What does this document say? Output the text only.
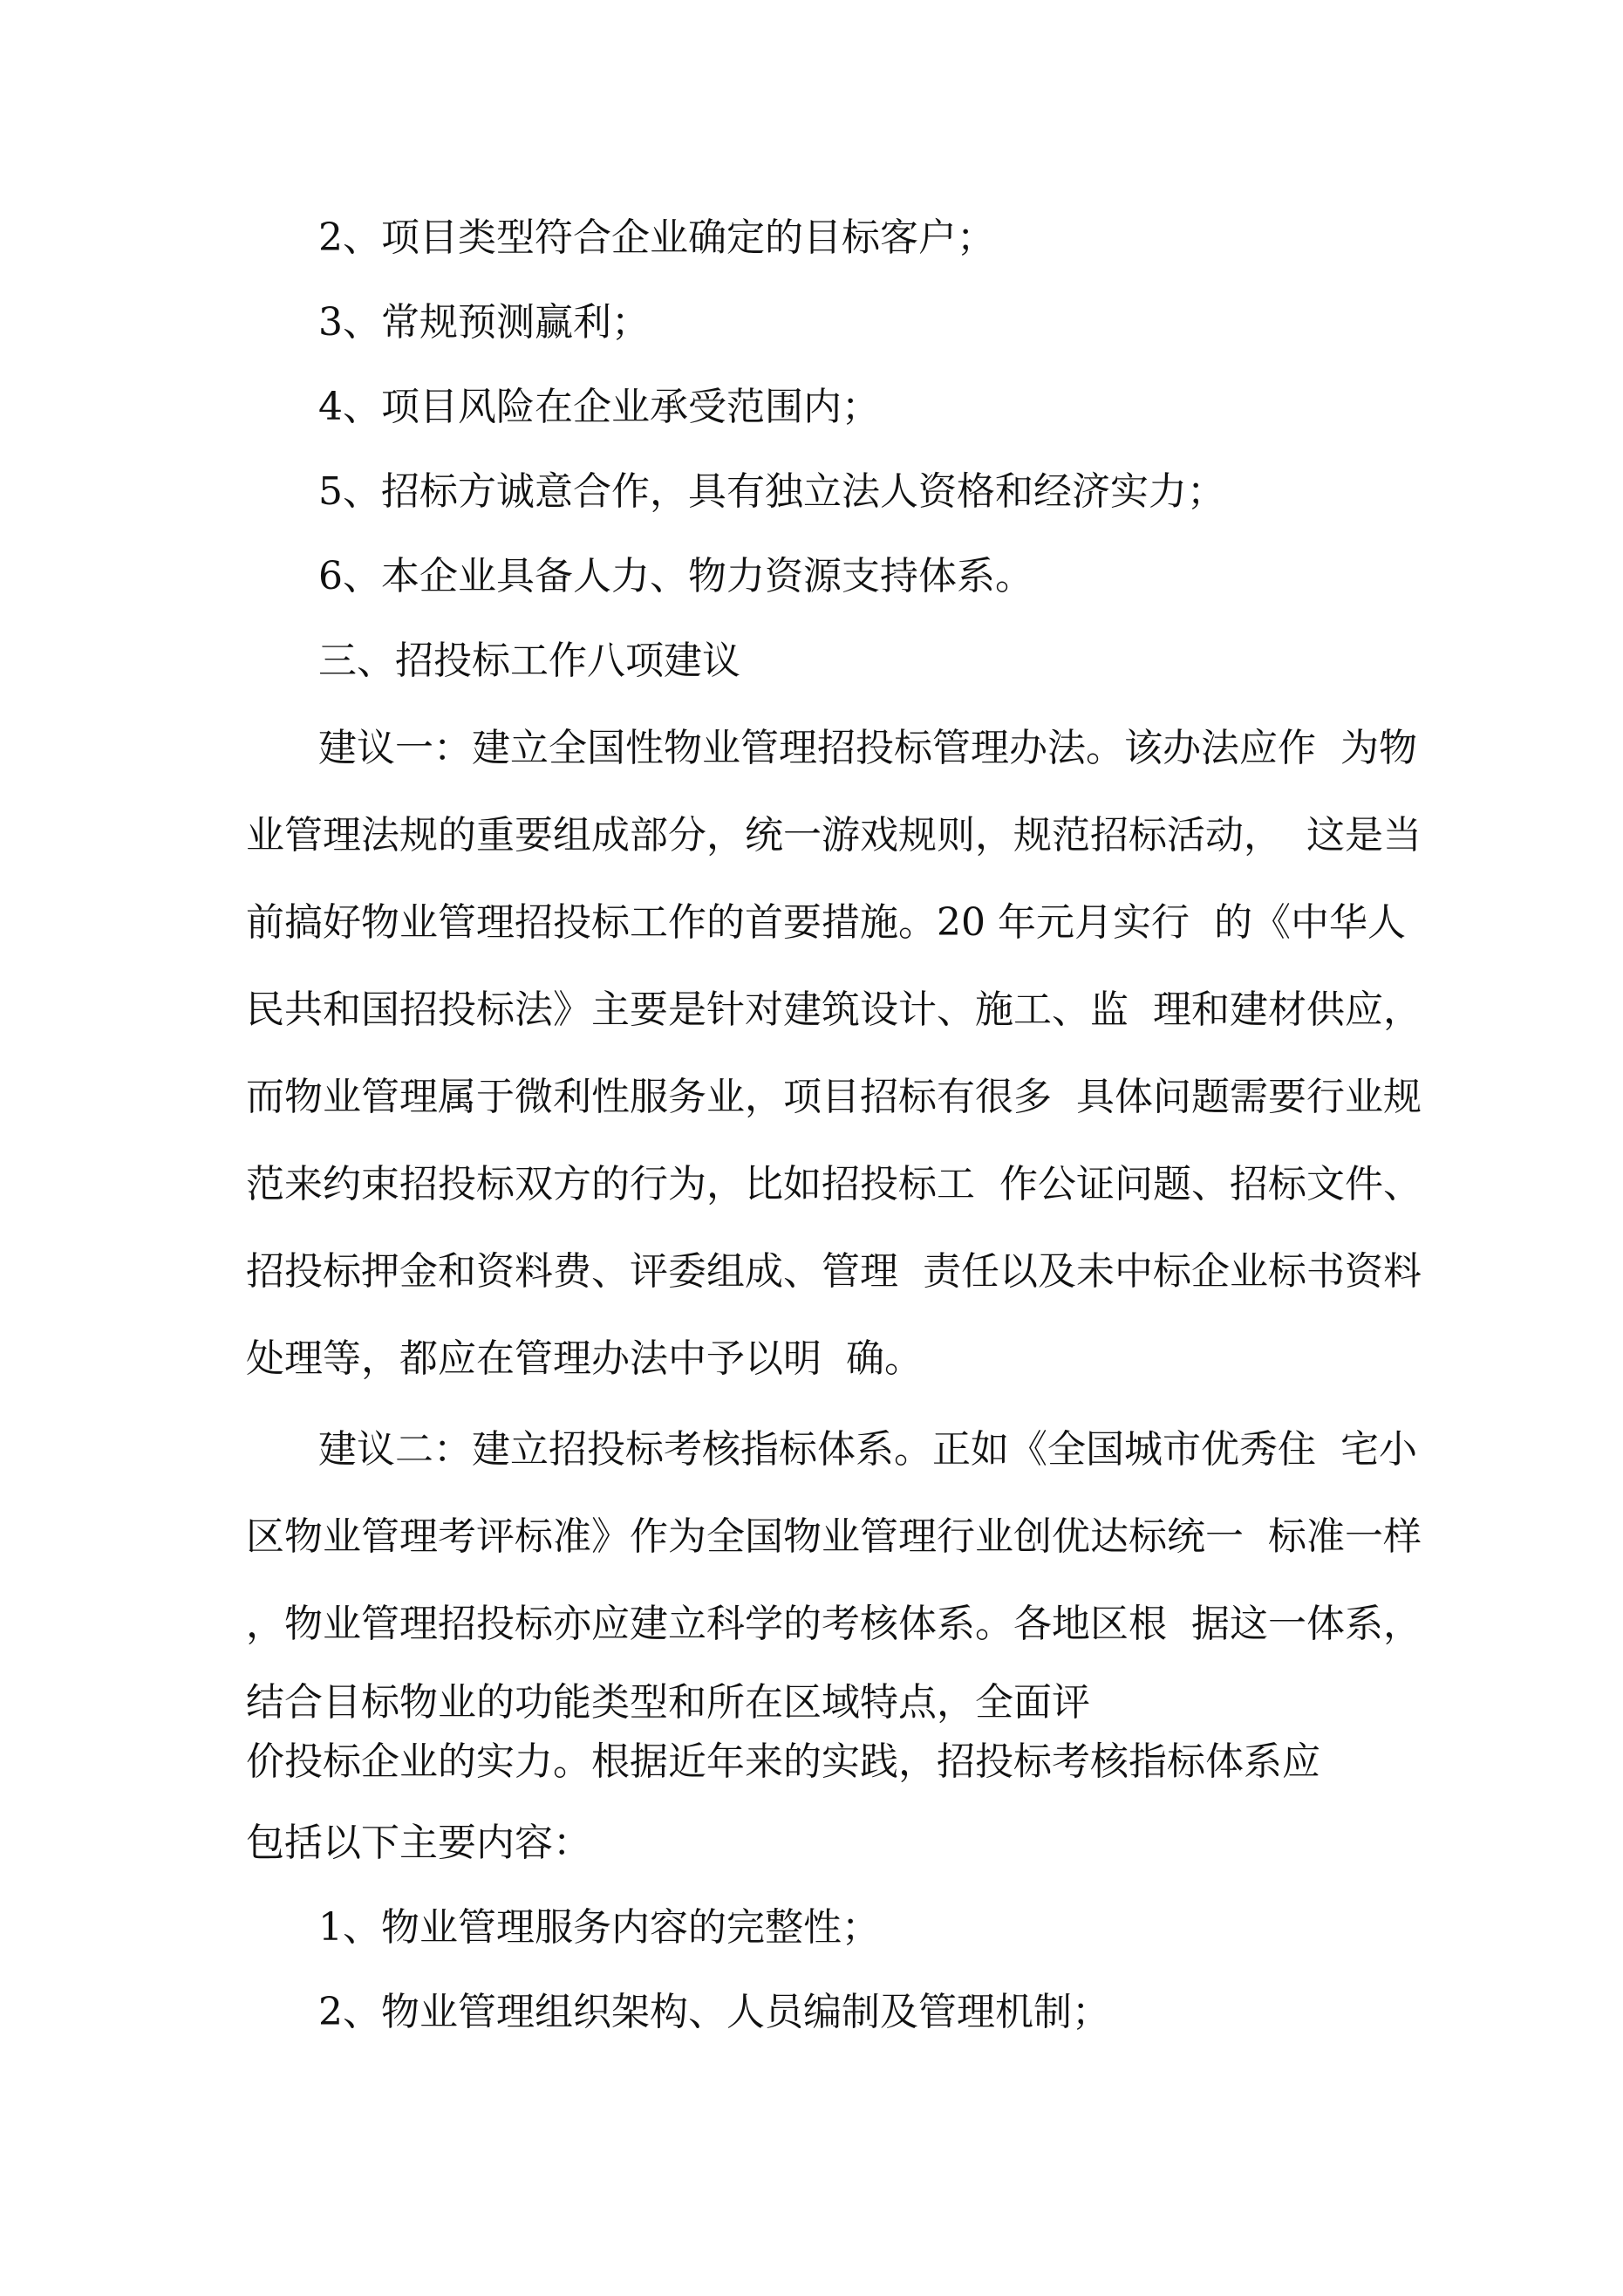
2、项目类型符合企业确定的目标客户；
3、常规预测赢利；
4、项目风险在企业承受范围内；
5、招标方诚意合作，具有独立法人资格和经济实力；
6、本企业具备人力、物力资源支持体系。
三、招投标工作八项建议
建议一：建立全国性物业管理招投标管理办法。该办法应作  为物
业管理法规的重要组成部分，统一游戏规则，规范招标活动，  这是当
前搞好物业管理招投标工作的首要措施。20 年元月实行  的《中华人
民共和国招投标法》主要是针对建筑设计、施工、监  理和建材供应，
而物业管理属于微利性服务业，项目招标有很多  具体问题需要行业规
范来约束招投标双方的行为，比如招投标工  作公证问题、招标文件、
招投标押金和资料费、评委组成、管理  责任以及未中标企业标书资料
处理等，都应在管理办法中予以明  确。
建议二：建立招投标考核指标体系。正如《全国城市优秀住  宅小
区物业管理考评标准》作为全国物业管理行业创优达标统一  标准一样
，物业管理招投标亦应建立科学的考核体系。各地区根  据这一体系，
结合目标物业的功能类型和所在区域特点，全面评
价投标企业的实力。根据近年来的实践，招投标考核指标体系应
包括以下主要内容：
1、物业管理服务内容的完整性；
2、物业管理组织架构、人员编制及管理机制；
